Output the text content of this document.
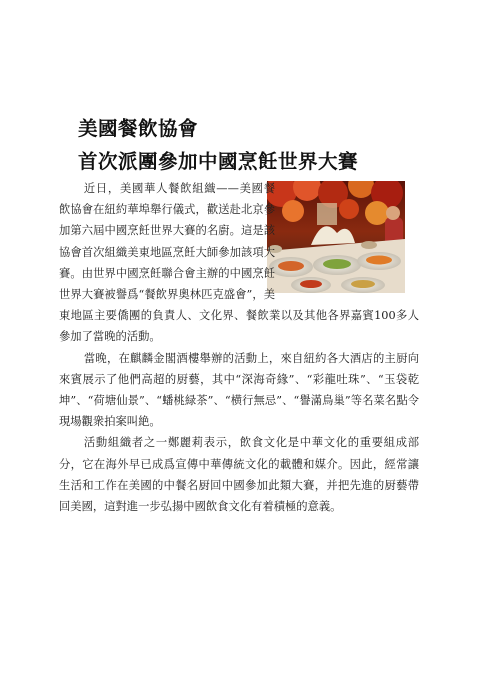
美國餐飲協會
首次派團參加中國烹飪世界大賽

近日，美國華人餐飲組織——美國餐飲協會在紐約華埠舉行儀式，歡送赴北京參加第六屆中國烹飪世界大賽的名廚。這是該協會首次組織美東地區烹飪大師參加該項大賽。由世界中國烹飪聯合會主辦的中國烹飪世界大賽被譽爲“餐飲界奧林匹克盛會”，美東地區主要僑團的負責人、文化界、餐飲業以及其他各界嘉賓100多人參加了當晚的活動。

當晚，在麒麟金閣酒樓舉辦的活動上，來自紐約各大酒店的主厨向來賓展示了他們高超的厨藝，其中“深海奇緣”、“彩龍吐珠”、“玉袋乾坤”、“荷塘仙景”、“蟠桃緑茶”、“横行無忌”、“譽滿鳥巢”等名菜名點令現場觀衆拍案叫絶。

活動組織者之一鄭麗莉表示，飲食文化是中華文化的重要組成部分，它在海外早已成爲宣傳中華傳統文化的載體和媒介。因此，經常讓生活和工作在美國的中餐名厨回中國參加此類大賽，并把先進的厨藝帶回美國，這對進一步弘揚中國飲食文化有着積極的意義。
